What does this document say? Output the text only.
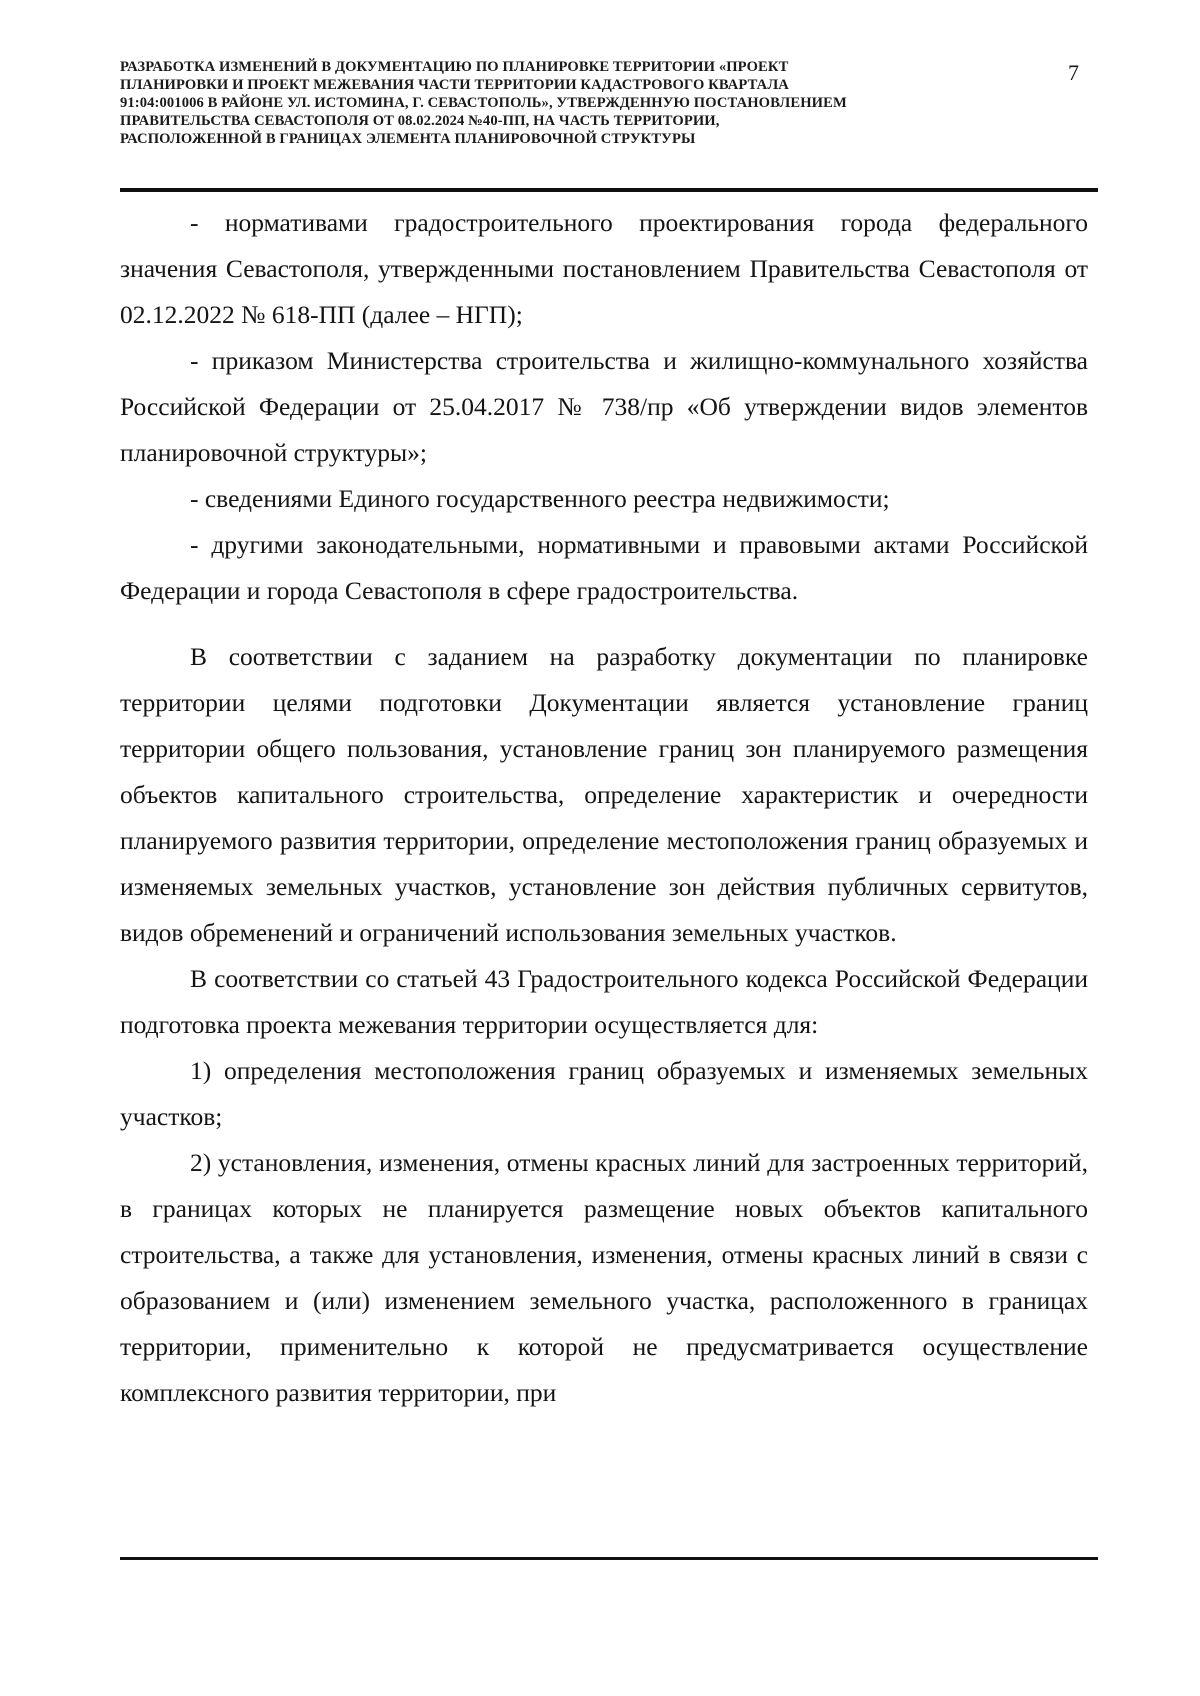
РАЗРАБОТКА ИЗМЕНЕНИЙ В ДОКУМЕНТАЦИЮ ПО ПЛАНИРОВКЕ ТЕРРИТОРИИ «ПРОЕКТ
ПЛАНИРОВКИ И ПРОЕКТ МЕЖЕВАНИЯ ЧАСТИ ТЕРРИТОРИИ КАДАСТРОВОГО КВАРТАЛА
91:04:001006 В РАЙОНЕ УЛ. ИСТОМИНА, Г. СЕВАСТОПОЛЬ», УТВЕРЖДЕННУЮ ПОСТАНОВЛЕНИЕМ
ПРАВИТЕЛЬСТВА СЕВАСТОПОЛЯ ОТ 08.02.2024 №40-ПП, НА ЧАСТЬ ТЕРРИТОРИИ,
РАСПОЛОЖЕННОЙ В ГРАНИЦАХ ЭЛЕМЕНТА ПЛАНИРОВОЧНОЙ СТРУКТУРЫ
7

- нормативами градостроительного проектирования города федерального значения Севастополя, утвержденными постановлением Правительства Севастополя от 02.12.2022 № 618-ПП (далее – НГП);

- приказом Министерства строительства и жилищно-коммунального хозяйства Российской Федерации от 25.04.2017 № 738/пр «Об утверждении видов элементов планировочной структуры»;

- сведениями Единого государственного реестра недвижимости;

- другими законодательными, нормативными и правовыми актами Российской Федерации и города Севастополя в сфере градостроительства.

В соответствии с заданием на разработку документации по планировке территории целями подготовки Документации является установление границ территории общего пользования, установление границ зон планируемого размещения объектов капитального строительства, определение характеристик и очередности планируемого развития территории, определение местоположения границ образуемых и изменяемых земельных участков, установление зон действия публичных сервитутов, видов обременений и ограничений использования земельных участков.

В соответствии со статьей 43 Градостроительного кодекса Российской Федерации подготовка проекта межевания территории осуществляется для:

1) определения местоположения границ образуемых и изменяемых земельных участков;

2) установления, изменения, отмены красных линий для застроенных территорий, в границах которых не планируется размещение новых объектов капитального строительства, а также для установления, изменения, отмены красных линий в связи с образованием и (или) изменением земельного участка, расположенного в границах территории, применительно к которой не предусматривается осуществление комплексного развития территории, при
